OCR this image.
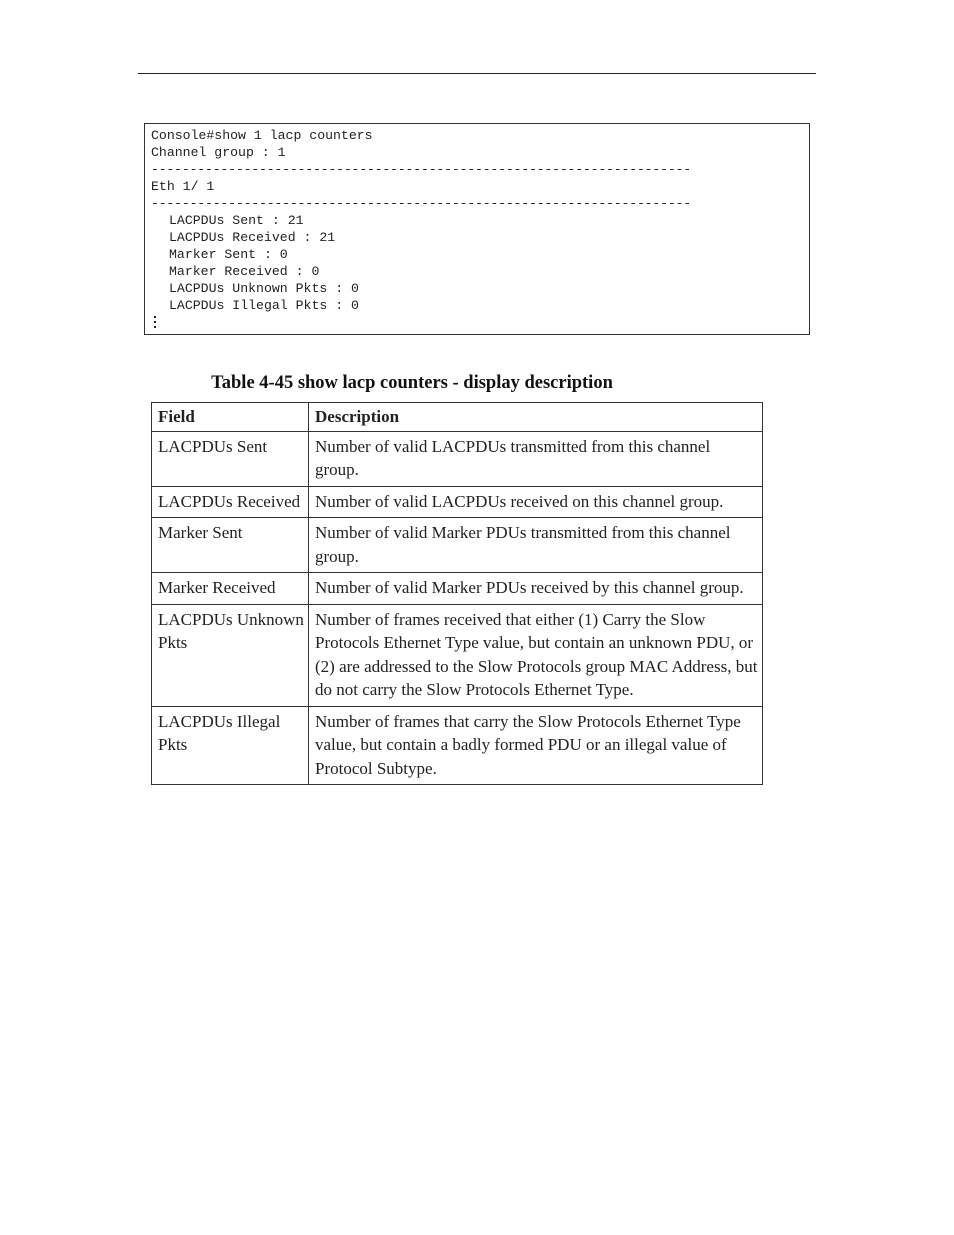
Console#show 1 lacp counters
Channel group : 1
----------------------------------------------------------------------
Eth 1/ 1
----------------------------------------------------------------------
LACPDUs Sent : 21
LACPDUs Received : 21
Marker Sent : 0
Marker Received : 0
LACPDUs Unknown Pkts : 0
LACPDUs Illegal Pkts : 0
Table 4-45 show lacp counters - display description
Field	Description
LACPDUs Sent	Number of valid LACPDUs transmitted from this channel group.
LACPDUs Received	Number of valid LACPDUs received on this channel group.
Marker Sent	Number of valid Marker PDUs transmitted from this channel group.
Marker Received	Number of valid Marker PDUs received by this channel group.
LACPDUs Unknown Pkts	Number of frames received that either (1) Carry the Slow Protocols Ethernet Type value, but contain an unknown PDU, or (2) are addressed to the Slow Protocols group MAC Address, but do not carry the Slow Protocols Ethernet Type.
LACPDUs Illegal Pkts	Number of frames that carry the Slow Protocols Ethernet Type value, but contain a badly formed PDU or an illegal value of Protocol Subtype.
